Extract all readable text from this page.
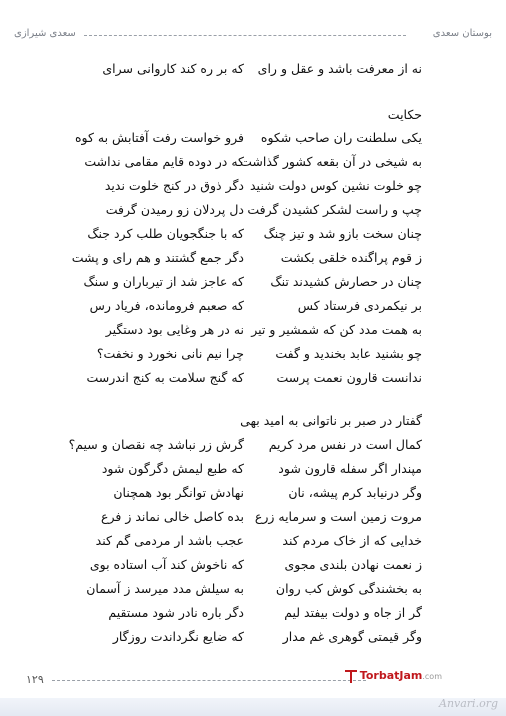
بوستان سعدی
سعدی شیرازی
نه از معرفت باشد و عقل و رای
که بر ره کند کاروانی سرای
حکایت
یکی سلطنت ران صاحب شکوه
فرو خواست رفت آفتابش به کوه
به شیخی در آن بقعه کشور گذاشت
که در دوده قایم مقامی نداشت
چو خلوت نشین کوس دولت شنید
دگر ذوق در کنج خلوت ندید
چپ و راست لشکر کشیدن گرفت
دل پردلان زو رمیدن گرفت
چنان سخت بازو شد و تیز چنگ
که با جنگجویان طلب کرد جنگ
ز قوم پراگنده خلقی بکشت
دگر جمع گشتند و هم رای و پشت
چنان در حصارش کشیدند تنگ
که عاجز شد از تیرباران و سنگ
بر نیکمردی فرستاد کس
که صعبم فرومانده، فریاد رس
به همت مدد کن که شمشیر و تیر
نه در هر وغایی بود دستگیر
چو بشنید عابد بخندید و گفت
چرا نیم نانی نخورد و نخفت؟
ندانست قارون نعمت پرست
که گنج سلامت به کنج اندرست
گفتار در صبر بر ناتوانی به امید بهی
کمال است در نفس مرد کریم
گرش زر نباشد چه نقصان و سیم؟
مپندار اگر سفله قارون شود
که طبع لیمش دگرگون شود
وگر درنیابد کرم پیشه، نان
نهادش توانگر بود همچنان
مروت زمین است و سرمایه زرع
بده کاصل خالی نماند ز فرع
خدایی که از خاک مردم کند
عجب باشد ار مردمی گم کند
ز نعمت نهادن بلندی مجوی
که ناخوش کند آب استاده بوی
به بخشندگی کوش کب روان
به سیلش مدد میرسد ز آسمان
گر از جاه و دولت بیفتد لیم
دگر باره نادر شود مستقیم
وگر قیمتی گوهری غم مدار
که ضایع نگرداندت روزگار
۱۲۹	TorbatJam.com
Anvari.org
